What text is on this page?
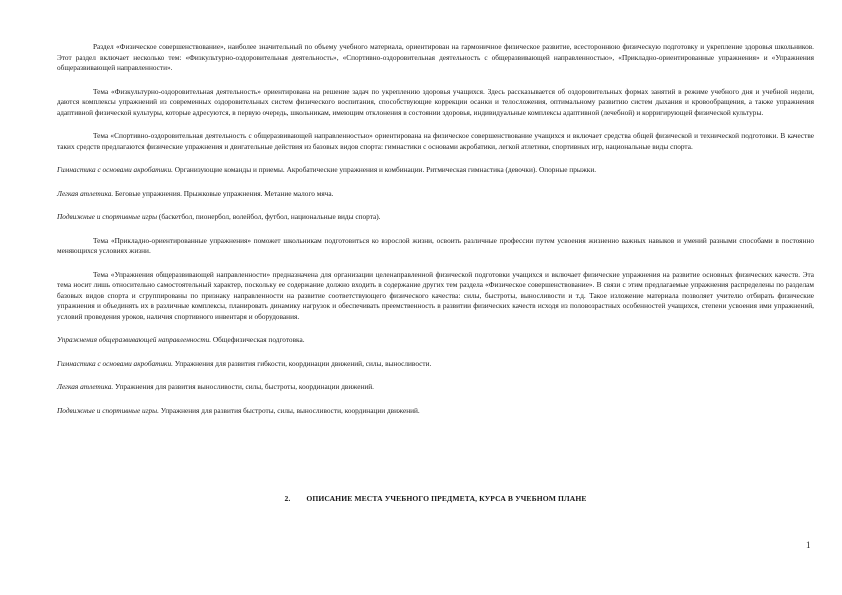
Раздел «Физическое совершенствование», наиболее значительный по объему учебного материала, ориентирован на гармоничное физическое развитие, всестороннюю физическую подготовку и укрепление здоровья школьников. Этот раздел включает несколько тем: «Физкультурно-оздоровительная деятельность», «Спортивно-оздоровительная деятельность с общеразвивающей направленностью», «Прикладно-ориентированные упражнения» и «Упражнения общеразвивающей направленности».

Тема «Физкультурно-оздоровительная деятельность» ориентирована на решение задач по укреплению здоровья учащихся. Здесь рассказывается об оздоровительных формах занятий в режиме учебного дня и учебной недели, даются комплексы упражнений из современных оздоровительных систем физического воспитания, способствующие коррекции осанки и телосложения, оптимальному развитию систем дыхания и кровообращения, а также упражнения адаптивной физической культуры, которые адресуются, в первую очередь, школьникам, имеющим отклонения в состоянии здоровья, индивидуальные комплексы адаптивной (лечебной) и корригирующей физической культуры.

Тема «Спортивно-оздоровительная деятельность с общеразвивающей направленностью» ориентирована на физическое совершенствование учащихся и включает средства общей физической и технической подготовки. В качестве таких средств предлагаются физические упражнения и двигательные действия из базовых видов спорта: гимнастики с основами акробатики, легкой атлетики, спортивных игр, национальные виды спорта.

Гимнастика с основами акробатики. Организующие команды и приемы. Акробатические упражнения и комбинации. Ритмическая гимнастика (девочки). Опорные прыжки.

Легкая атлетика. Беговые упражнения. Прыжковые упражнения. Метание малого мяча.

Подвижные и спортивные игры (баскетбол, пионербол, волейбол, футбол, национальные виды спорта).

Тема «Прикладно-ориентированные упражнения» поможет школьникам подготовиться ко взрослой жизни, освоить различные профессии путем усвоения жизненно важных навыков и умений разными способами в постоянно меняющихся условиях жизни.

Тема «Упражнения общеразвивающей направленности» предназначена для организации целенаправленной физической подготовки учащихся и включает физические упражнения на развитие основных физических качеств. Эта тема носит лишь относительно самостоятельный характер, поскольку ее содержание должно входить в содержание других тем раздела «Физическое совершенствование». В связи с этим предлагаемые упражнения распределены по разделам базовых видов спорта и сгруппированы по признаку направленности на развитие соответствующего физического качества: силы, быстроты, выносливости и т.д. Такое изложение материала позволяет учителю отбирать физические упражнения и объединять их в различные комплексы, планировать динамику нагрузок и обеспечивать преемственность в развитии физических качеств исходя из половозрастных особенностей учащихся, степени усвоения ими упражнений, условий проведения уроков, наличия спортивного инвентаря и оборудования.

Упражнения общеразвивающей направленности. Общефизическая подготовка.

Гимнастика с основами акробатики. Упражнения для развития гибкости, координации движений, силы, выносливости.

Легкая атлетика. Упражнения для развития выносливости, силы, быстроты, координации движений.

Подвижные и спортивные игры. Упражнения для развития быстроты, силы, выносливости, координации движений.

2. ОПИСАНИЕ МЕСТА УЧЕБНОГО ПРЕДМЕТА, КУРСА В УЧЕБНОМ ПЛАНЕ

1
